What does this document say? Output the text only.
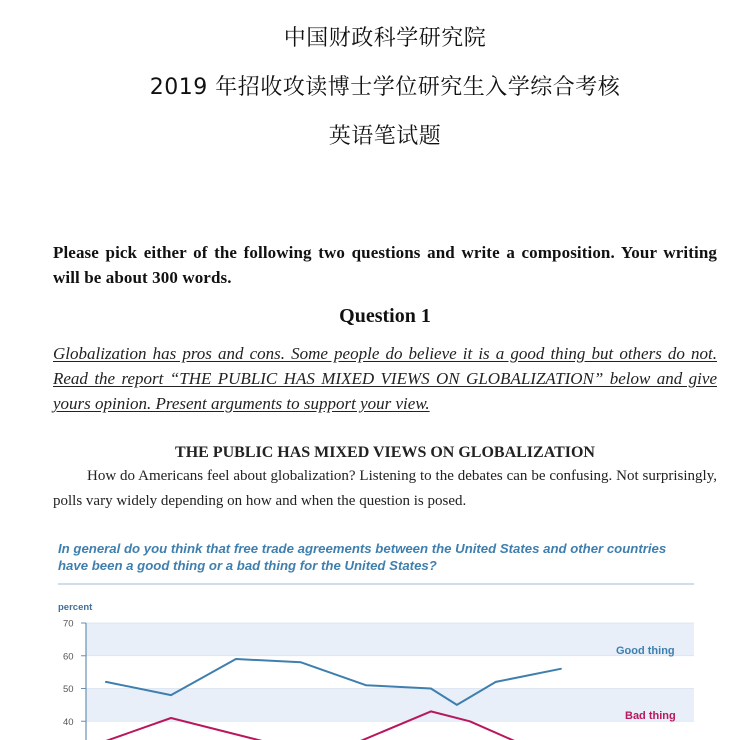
中国财政科学研究院
2019 年招收攻读博士学位研究生入学综合考核
英语笔试题
Please pick either of the following two questions and write a composition. Your writing will be about 300 words.
Question 1
Globalization has pros and cons. Some people do believe it is a good thing but others do not. Read the report “THE PUBLIC HAS MIXED VIEWS ON GLOBALIZATION” below and give yours opinion. Present arguments to support your view.
THE PUBLIC HAS MIXED VIEWS ON GLOBALIZATION
How do Americans feel about globalization? Listening to the debates can be confusing. Not surprisingly, polls vary widely depending on how and when the question is posed.
In general do you think that free trade agreements between the United States and other countries have been a good thing or a bad thing for the United States?
percent
70
60
50
40
Good thing
Bad thing
